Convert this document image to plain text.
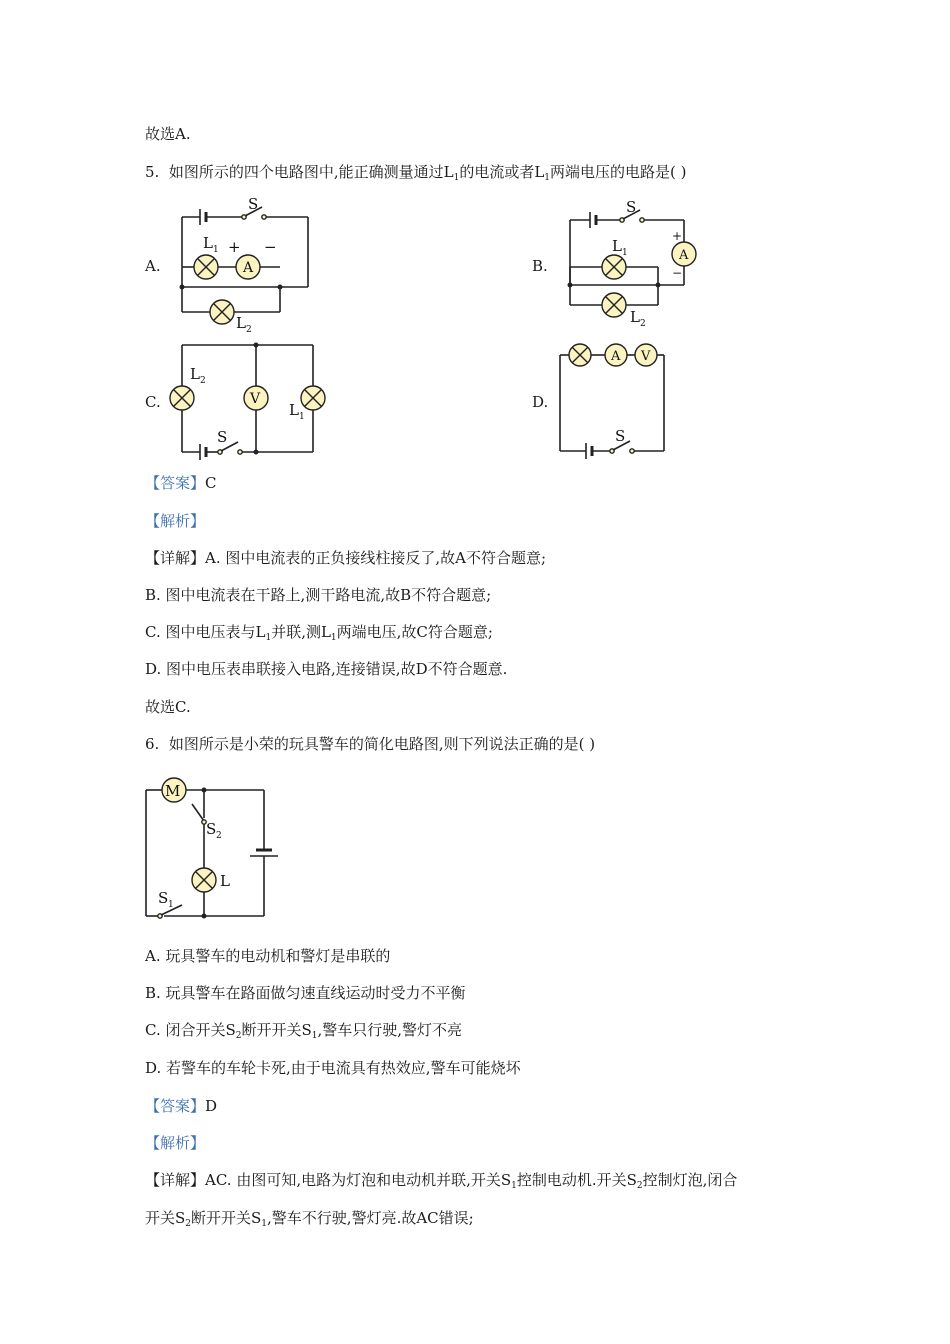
故选A.
5. 如图所示的四个电路图中,能正确测量通过$L_1$的电流或者$L_1$两端电压的电路是( )
A.	B.
C.	D.
S
L 1 + −
A
L 2
S
L 1
+
A
−
L 2
L 2
V
L 1
S
A V
S
【答案】C
【解析】
【详解】A. 图中电流表的正负接线柱接反了,故A不符合题意;
B. 图中电流表在干路上,测干路电流,故B不符合题意;
C. 图中电压表与$L_1$并联,测$L_1$两端电压,故C符合题意;
D. 图中电压表串联接入电路,连接错误,故D不符合题意.
故选C.
6. 如图所示是小荣的玩具警车的简化电路图,则下列说法正确的是( )
M
S 2
L
S 1
A. 玩具警车的电动机和警灯是串联的
B. 玩具警车在路面做匀速直线运动时受力不平衡
C. 闭合开关$S_2$断开开关$S_1$,警车只行驶,警灯不亮
D. 若警车的车轮卡死,由于电流具有热效应,警车可能烧坏
【答案】D
【解析】
【详解】AC. 由图可知,电路为灯泡和电动机并联,开关$S_1$控制电动机.开关$S_2$控制灯泡,闭合
开关$S_2$断开开关$S_1$,警车不行驶,警灯亮.故AC错误;
